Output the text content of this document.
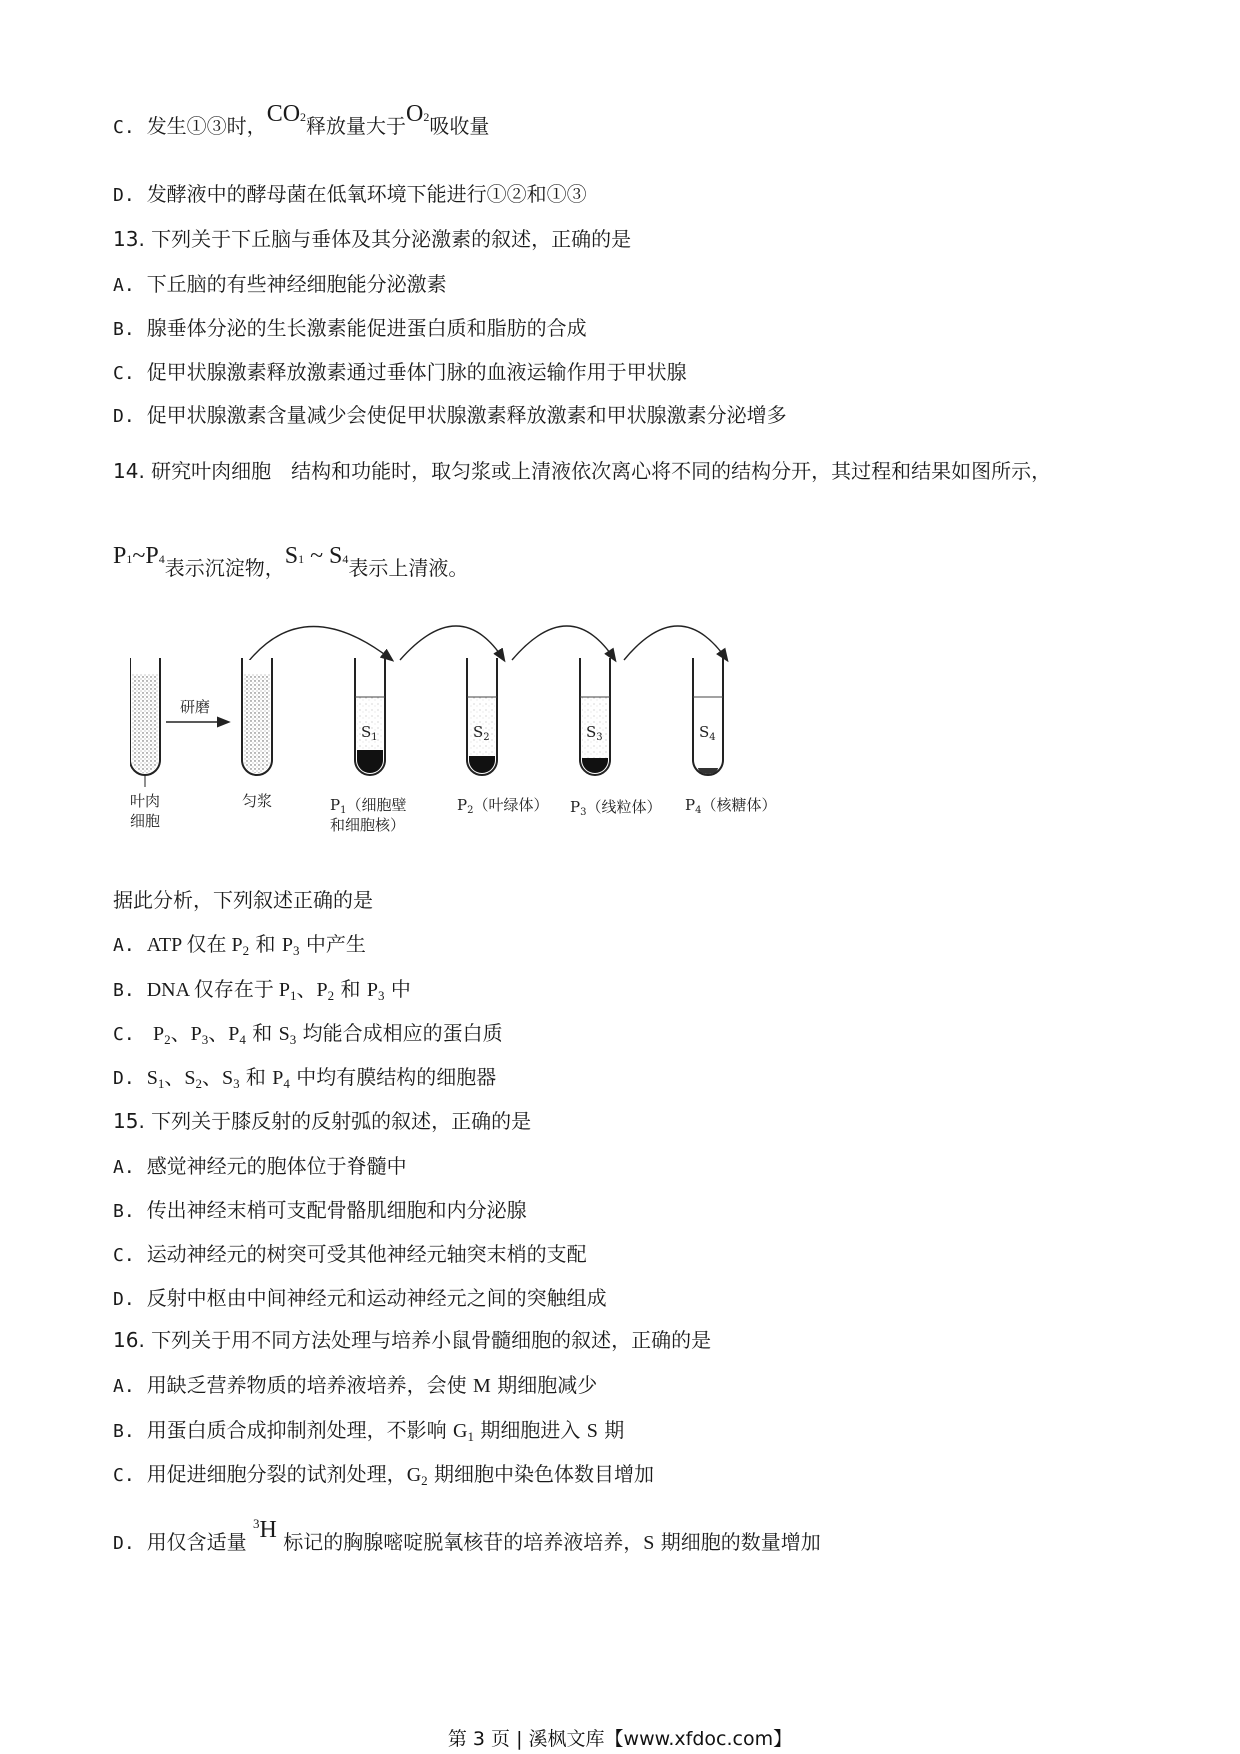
C. 发生①③时，CO2释放量大于O2吸收量
D. 发酵液中的酵母菌在低氧环境下能进行①②和①③
13. 下列关于下丘脑与垂体及其分泌激素的叙述，正确的是
A. 下丘脑的有些神经细胞能分泌激素
B. 腺垂体分泌的生长激素能促进蛋白质和脂肪的合成
C. 促甲状腺激素释放激素通过垂体门脉的血液运输作用于甲状腺
D. 促甲状腺激素含量减少会使促甲状腺激素释放激素和甲状腺激素分泌增多
14. 研究叶肉细胞　结构和功能时，取匀浆或上清液依次离心将不同的结构分开，其过程和结果如图所示，
P1~P4表示沉淀物，S1 ~ S4表示上清液。
研磨
叶肉
细胞
匀浆
$S_1$
$P_1$（细胞壁
和细胞核）
$S_2$
$P_2$（叶绿体）
$S_3$
$P_3$（线粒体）
$S_4$
$P_4$（核糖体）
据此分析，下列叙述正确的是
A. ATP 仅在 $P_2$ 和 $P_3$ 中产生
B. DNA 仅存在于 $P_1$、$P_2$ 和 $P_3$ 中
C. $P_2$、$P_3$、$P_4$ 和 $S_3$ 均能合成相应的蛋白质
D. $S_1$、$S_2$、$S_3$ 和 $P_4$ 中均有膜结构的细胞器
15. 下列关于膝反射的反射弧的叙述，正确的是
A. 感觉神经元的胞体位于脊髓中
B. 传出神经末梢可支配骨骼肌细胞和内分泌腺
C. 运动神经元的树突可受其他神经元轴突末梢的支配
D. 反射中枢由中间神经元和运动神经元之间的突触组成
16. 下列关于用不同方法处理与培养小鼠骨髓细胞的叙述，正确的是
A. 用缺乏营养物质的培养液培养，会使 M 期细胞减少
B. 用蛋白质合成抑制剂处理，不影响 $G_1$ 期细胞进入 S 期
C. 用促进细胞分裂的试剂处理，$G_2$ 期细胞中染色体数目增加
D. 用仅含适量 $^3$H 标记的胸腺嘧啶脱氧核苷的培养液培养，S 期细胞的数量增加
第 3 页 | 溪枫文库【www.xfdoc.com】
